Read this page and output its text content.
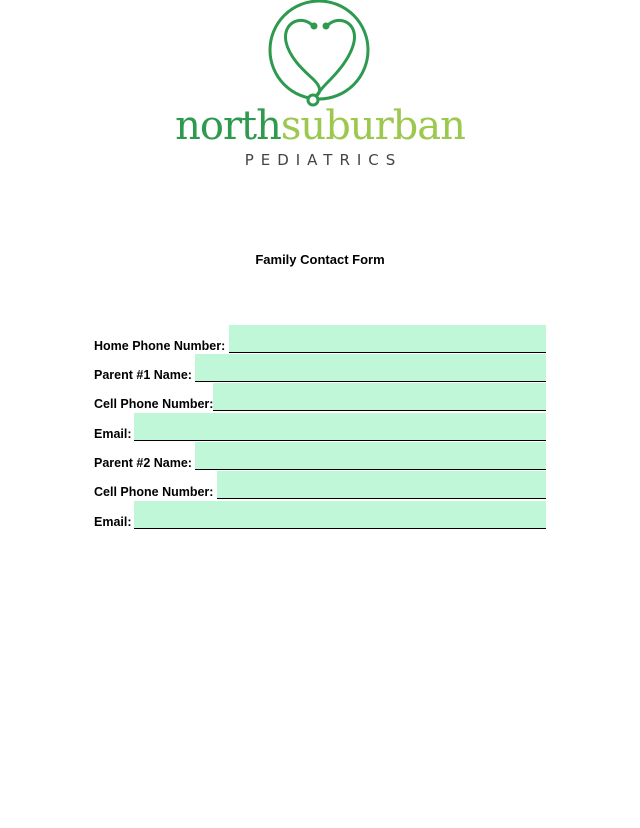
northsuburban
PEDIATRICS
Family Contact Form
Home Phone Number:
Parent #1 Name:
Cell Phone Number:
Email:
Parent #2 Name:
Cell Phone Number:
Email:
